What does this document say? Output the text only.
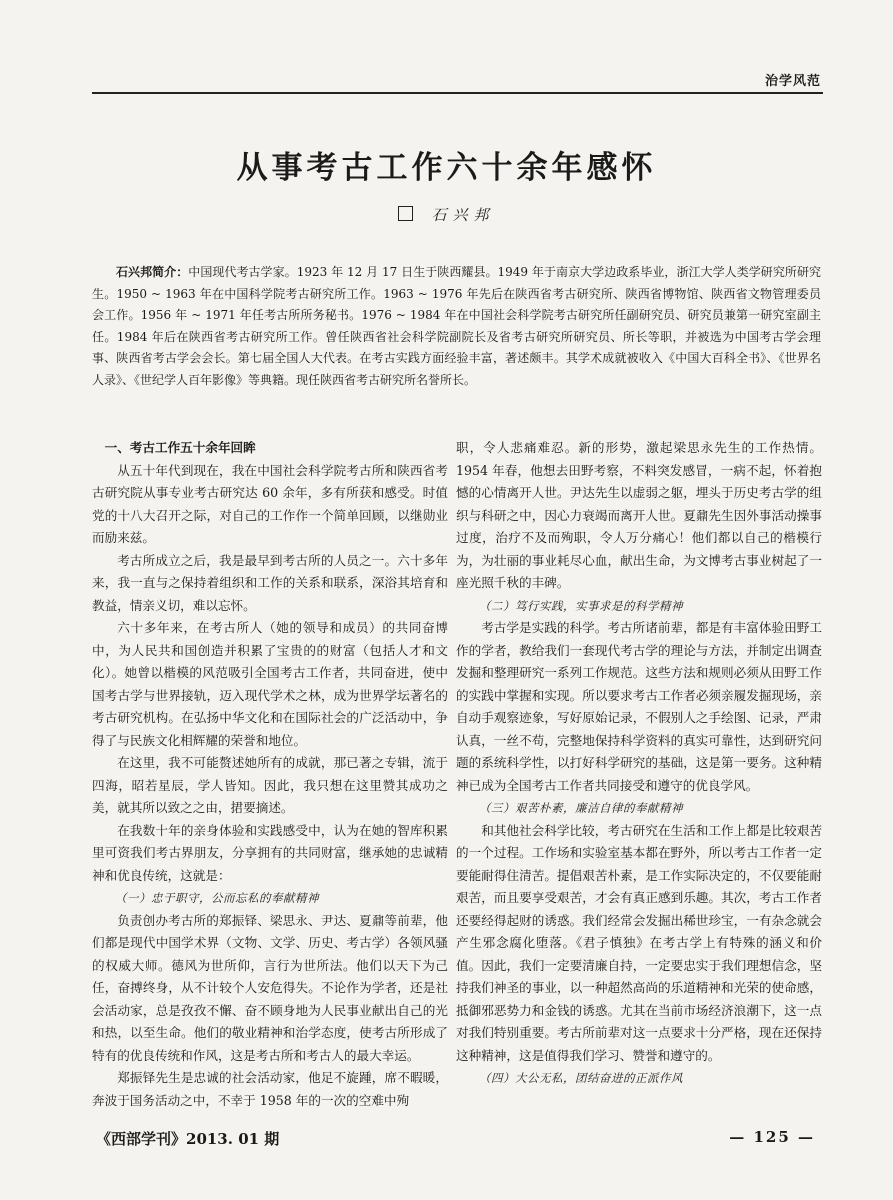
治学风范
从事考古工作六十余年感怀
石兴邦
石兴邦简介：中国现代考古学家。1923 年 12 月 17 日生于陕西耀县。1949 年于南京大学边政系毕业，浙江大学人类学研究所研究生。1950 ~ 1963 年在中国科学院考古研究所工作。1963 ~ 1976 年先后在陕西省考古研究所、陕西省博物馆、陕西省文物管理委员会工作。1956 年 ~ 1971 年任考古所所务秘书。1976 ~ 1984 年在中国社会科学院考古研究所任副研究员、研究员兼第一研究室副主任。1984 年后在陕西省考古研究所工作。曾任陕西省社会科学院副院长及省考古研究所研究员、所长等职，并被选为中国考古学会理事、陕西省考古学会会长。第七届全国人大代表。在考古实践方面经验丰富，著述颇丰。其学术成就被收入《中国大百科全书》、《世界名人录》、《世纪学人百年影像》等典籍。现任陕西省考古研究所名誉所长。
一、考古工作五十余年回眸

从五十年代到现在，我在中国社会科学院考古所和陕西省考古研究院从事专业考古研究达 60 余年，多有所获和感受。时值党的十八大召开之际，对自己的工作作一个简单回顾，以继勋业而励来兹。

考古所成立之后，我是最早到考古所的人员之一。六十多年来，我一直与之保持着组织和工作的关系和联系，深浴其培育和教益，情亲义切，难以忘怀。

六十多年来，在考古所人（她的领导和成员）的共同奋博中，为人民共和国创造并积累了宝贵的的财富（包括人才和文化）。她曾以楷模的风范吸引全国考古工作者，共同奋进，使中国考古学与世界接轨，迈入现代学术之林，成为世界学坛著名的考古研究机构。在弘扬中华文化和在国际社会的广泛活动中，争得了与民族文化相辉耀的荣誉和地位。

在这里，我不可能赘述她所有的成就，那已著之专辑，流于四海，昭若星辰，学人皆知。因此，我只想在这里赞其成功之美，就其所以致之之由，捃要摘述。

在我数十年的亲身体验和实践感受中，认为在她的智库积累里可资我们考古界朋友，分享拥有的共同财富，继承她的忠诚精神和优良传统，这就是：

（一）忠于职守，公而忘私的奉献精神

负责创办考古所的郑振铎、梁思永、尹达、夏鼐等前辈，他们都是现代中国学术界（文物、文学、历史、考古学）各领风骚的权威大师。德风为世所仰，言行为世所法。他们以天下为己任，奋搏终身，从不计较个人安危得失。不论作为学者，还是社会活动家，总是孜孜不懈、奋不顾身地为人民事业献出自己的光和热，以至生命。他们的敬业精神和治学态度，使考古所形成了特有的优良传统和作风，这是考古所和考古人的最大幸运。

郑振铎先生是忠诚的社会活动家，他足不旋踵，席不暇暖，奔波于国务活动之中，不幸于 1958 年的一次的空难中殉

职，令人悲痛难忍。新的形势，激起梁思永先生的工作热情。1954 年春，他想去田野考察，不料突发感冒，一病不起，怀着抱憾的心情离开人世。尹达先生以虚弱之躯，埋头于历史考古学的组织与科研之中，因心力衰竭而离开人世。夏鼐先生因外事活动操事过度，治疗不及而殉职，令人万分痛心！他们都以自己的楷模行为，为壮丽的事业耗尽心血，献出生命，为文博考古事业树起了一座光照千秋的丰碑。

（二）笃行实践，实事求是的科学精神

考古学是实践的科学。考古所诸前辈，都是有丰富体验田野工作的学者，教给我们一套现代考古学的理论与方法，并制定出调查发掘和整理研究一系列工作规范。这些方法和规则必须从田野工作的实践中掌握和实现。所以要求考古工作者必须亲履发掘现场，亲自动手观察迹象，写好原始记录，不假别人之手绘图、记录，严肃认真，一丝不苟，完整地保持科学资料的真实可靠性，达到研究问题的系统科学性，以打好科学研究的基础，这是第一要务。这种精神已成为全国考古工作者共同接受和遵守的优良学风。

（三）艰苦朴素，廉洁自律的奉献精神

和其他社会科学比较，考古研究在生活和工作上都是比较艰苦的一个过程。工作场和实验室基本都在野外，所以考古工作者一定要能耐得住清苦。提倡艰苦朴素，是工作实际决定的，不仅要能耐艰苦，而且要享受艰苦，才会有真正感到乐趣。其次，考古工作者还要经得起财的诱惑。我们经常会发掘出稀世珍宝，一有杂念就会产生邪念腐化堕落。《君子慎独》在考古学上有特殊的涵义和价值。因此，我们一定要清廉自持，一定要忠实于我们理想信念，坚持我们神圣的事业，以一种超然高尚的乐道精神和光荣的使命感，抵御邪恶势力和金钱的诱惑。尤其在当前市场经济浪潮下，这一点对我们特别重要。考古所前辈对这一点要求十分严格，现在还保持这种精神，这是值得我们学习、赞誉和遵守的。

（四）大公无私，团结奋进的正派作风
《西部学刊》2013. 01 期	— 125 —
